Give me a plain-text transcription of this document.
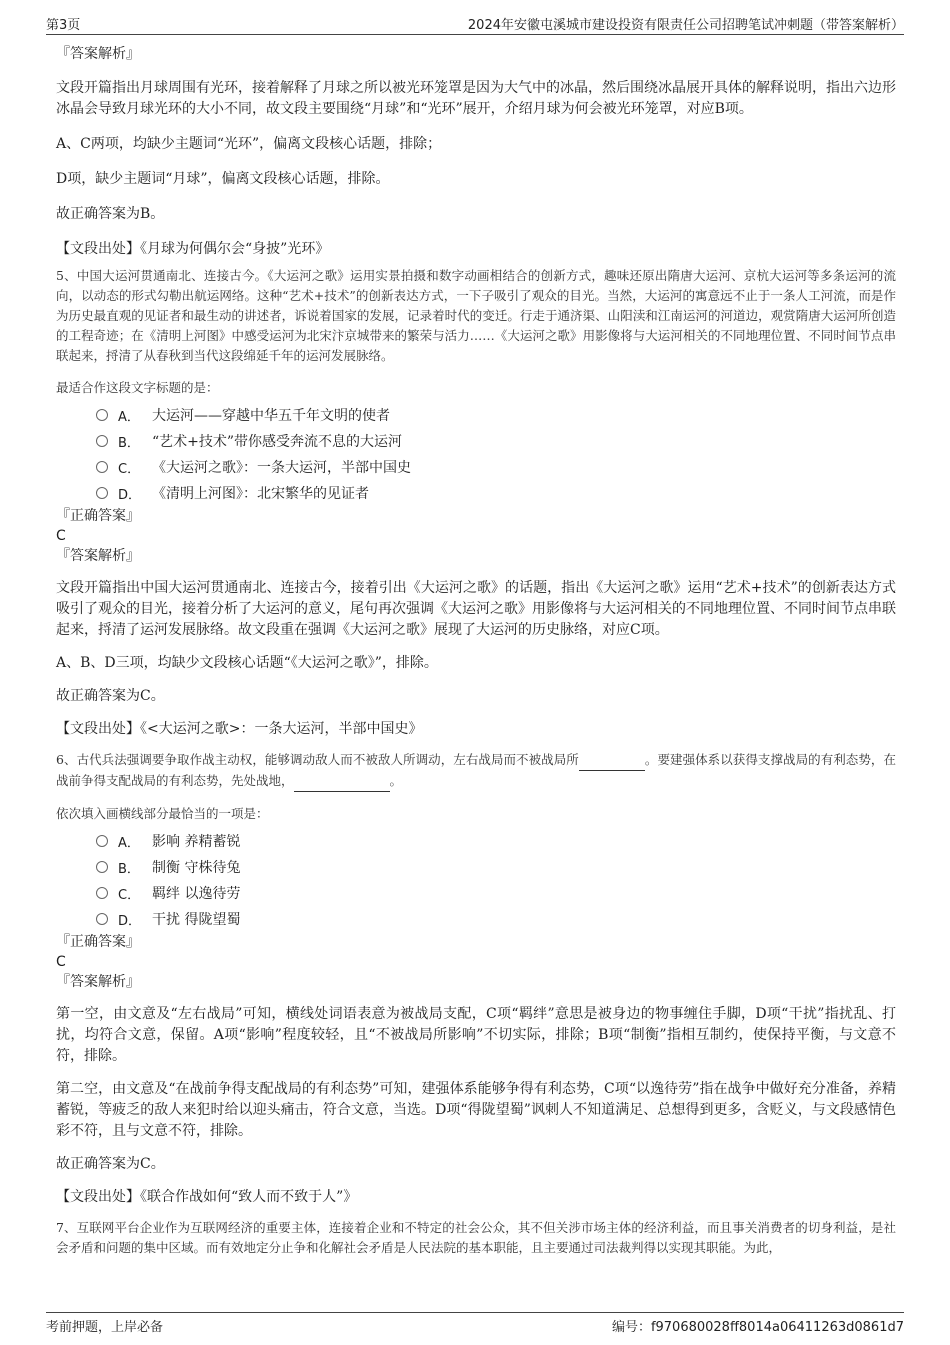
第3页	2024年安徽屯溪城市建设投资有限责任公司招聘笔试冲刺题（带答案解析）

『答案解析』

文段开篇指出月球周围有光环，接着解释了月球之所以被光环笼罩是因为大气中的冰晶，然后围绕冰晶展开具体的解释说明，指出六边形冰晶会导致月球光环的大小不同，故文段主要围绕“月球”和“光环”展开，介绍月球为何会被光环笼罩，对应B项。

A、C两项，均缺少主题词“光环”，偏离文段核心话题，排除；

D项，缺少主题词“月球”，偏离文段核心话题，排除。

故正确答案为B。

【文段出处】《月球为何偶尔会“身披”光环》

5、中国大运河贯通南北、连接古今。《大运河之歌》运用实景拍摄和数字动画相结合的创新方式，趣味还原出隋唐大运河、京杭大运河等多条运河的流向，以动态的形式勾勒出航运网络。这种“艺术+技术”的创新表达方式，一下子吸引了观众的目光。当然，大运河的寓意远不止于一条人工河流，而是作为历史最直观的见证者和最生动的讲述者，诉说着国家的发展，记录着时代的变迁。行走于通济渠、山阳渎和江南运河的河道边，观赏隋唐大运河所创造的工程奇迹；在《清明上河图》中感受运河为北宋汴京城带来的繁荣与活力……《大运河之歌》用影像将与大运河相关的不同地理位置、不同时间节点串联起来，捋清了从春秋到当代这段绵延千年的运河发展脉络。

最适合作这段文字标题的是：

A． 大运河——穿越中华五千年文明的使者
B． “艺术+技术”带你感受奔流不息的大运河
C． 《大运河之歌》：一条大运河，半部中国史
D． 《清明上河图》：北宋繁华的见证者

『正确答案』

C

『答案解析』

文段开篇指出中国大运河贯通南北、连接古今，接着引出《大运河之歌》的话题，指出《大运河之歌》运用“艺术+技术”的创新表达方式吸引了观众的目光，接着分析了大运河的意义，尾句再次强调《大运河之歌》用影像将与大运河相关的不同地理位置、不同时间节点串联起来，捋清了运河发展脉络。故文段重在强调《大运河之歌》展现了大运河的历史脉络，对应C项。

A、B、D三项，均缺少文段核心话题“《大运河之歌》”，排除。

故正确答案为C。

【文段出处】《<大运河之歌>：一条大运河，半部中国史》

6、古代兵法强调要争取作战主动权，能够调动敌人而不被敌人所调动，左右战局而不被战局所	。要建强体系以获得支撑战局的有利态势，在战前争得支配战局的有利态势，先处战地，	。

依次填入画横线部分最恰当的一项是：

A． 影响 养精蓄锐
B． 制衡 守株待兔
C． 羁绊 以逸待劳
D． 干扰 得陇望蜀

『正确答案』

C

『答案解析』

第一空，由文意及“左右战局”可知，横线处词语表意为被战局支配，C项“羁绊”意思是被身边的物事缠住手脚，D项“干扰”指扰乱、打扰，均符合文意，保留。A项“影响”程度较轻，且“不被战局所影响”不切实际，排除；B项“制衡”指相互制约，使保持平衡，与文意不符，排除。

第二空，由文意及“在战前争得支配战局的有利态势”可知，建强体系能够争得有利态势，C项“以逸待劳”指在战争中做好充分准备，养精蓄锐，等疲乏的敌人来犯时给以迎头痛击，符合文意，当选。D项“得陇望蜀”讽刺人不知道满足、总想得到更多，含贬义，与文段感情色彩不符，且与文意不符，排除。

故正确答案为C。

【文段出处】《联合作战如何“致人而不致于人”》

7、互联网平台企业作为互联网经济的重要主体，连接着企业和不特定的社会公众，其不但关涉市场主体的经济利益，而且事关消费者的切身利益，是社会矛盾和问题的集中区域。而有效地定分止争和化解社会矛盾是人民法院的基本职能，且主要通过司法裁判得以实现其职能。为此，

考前押题，上岸必备	编号：f970680028ff8014a06411263d0861d7
